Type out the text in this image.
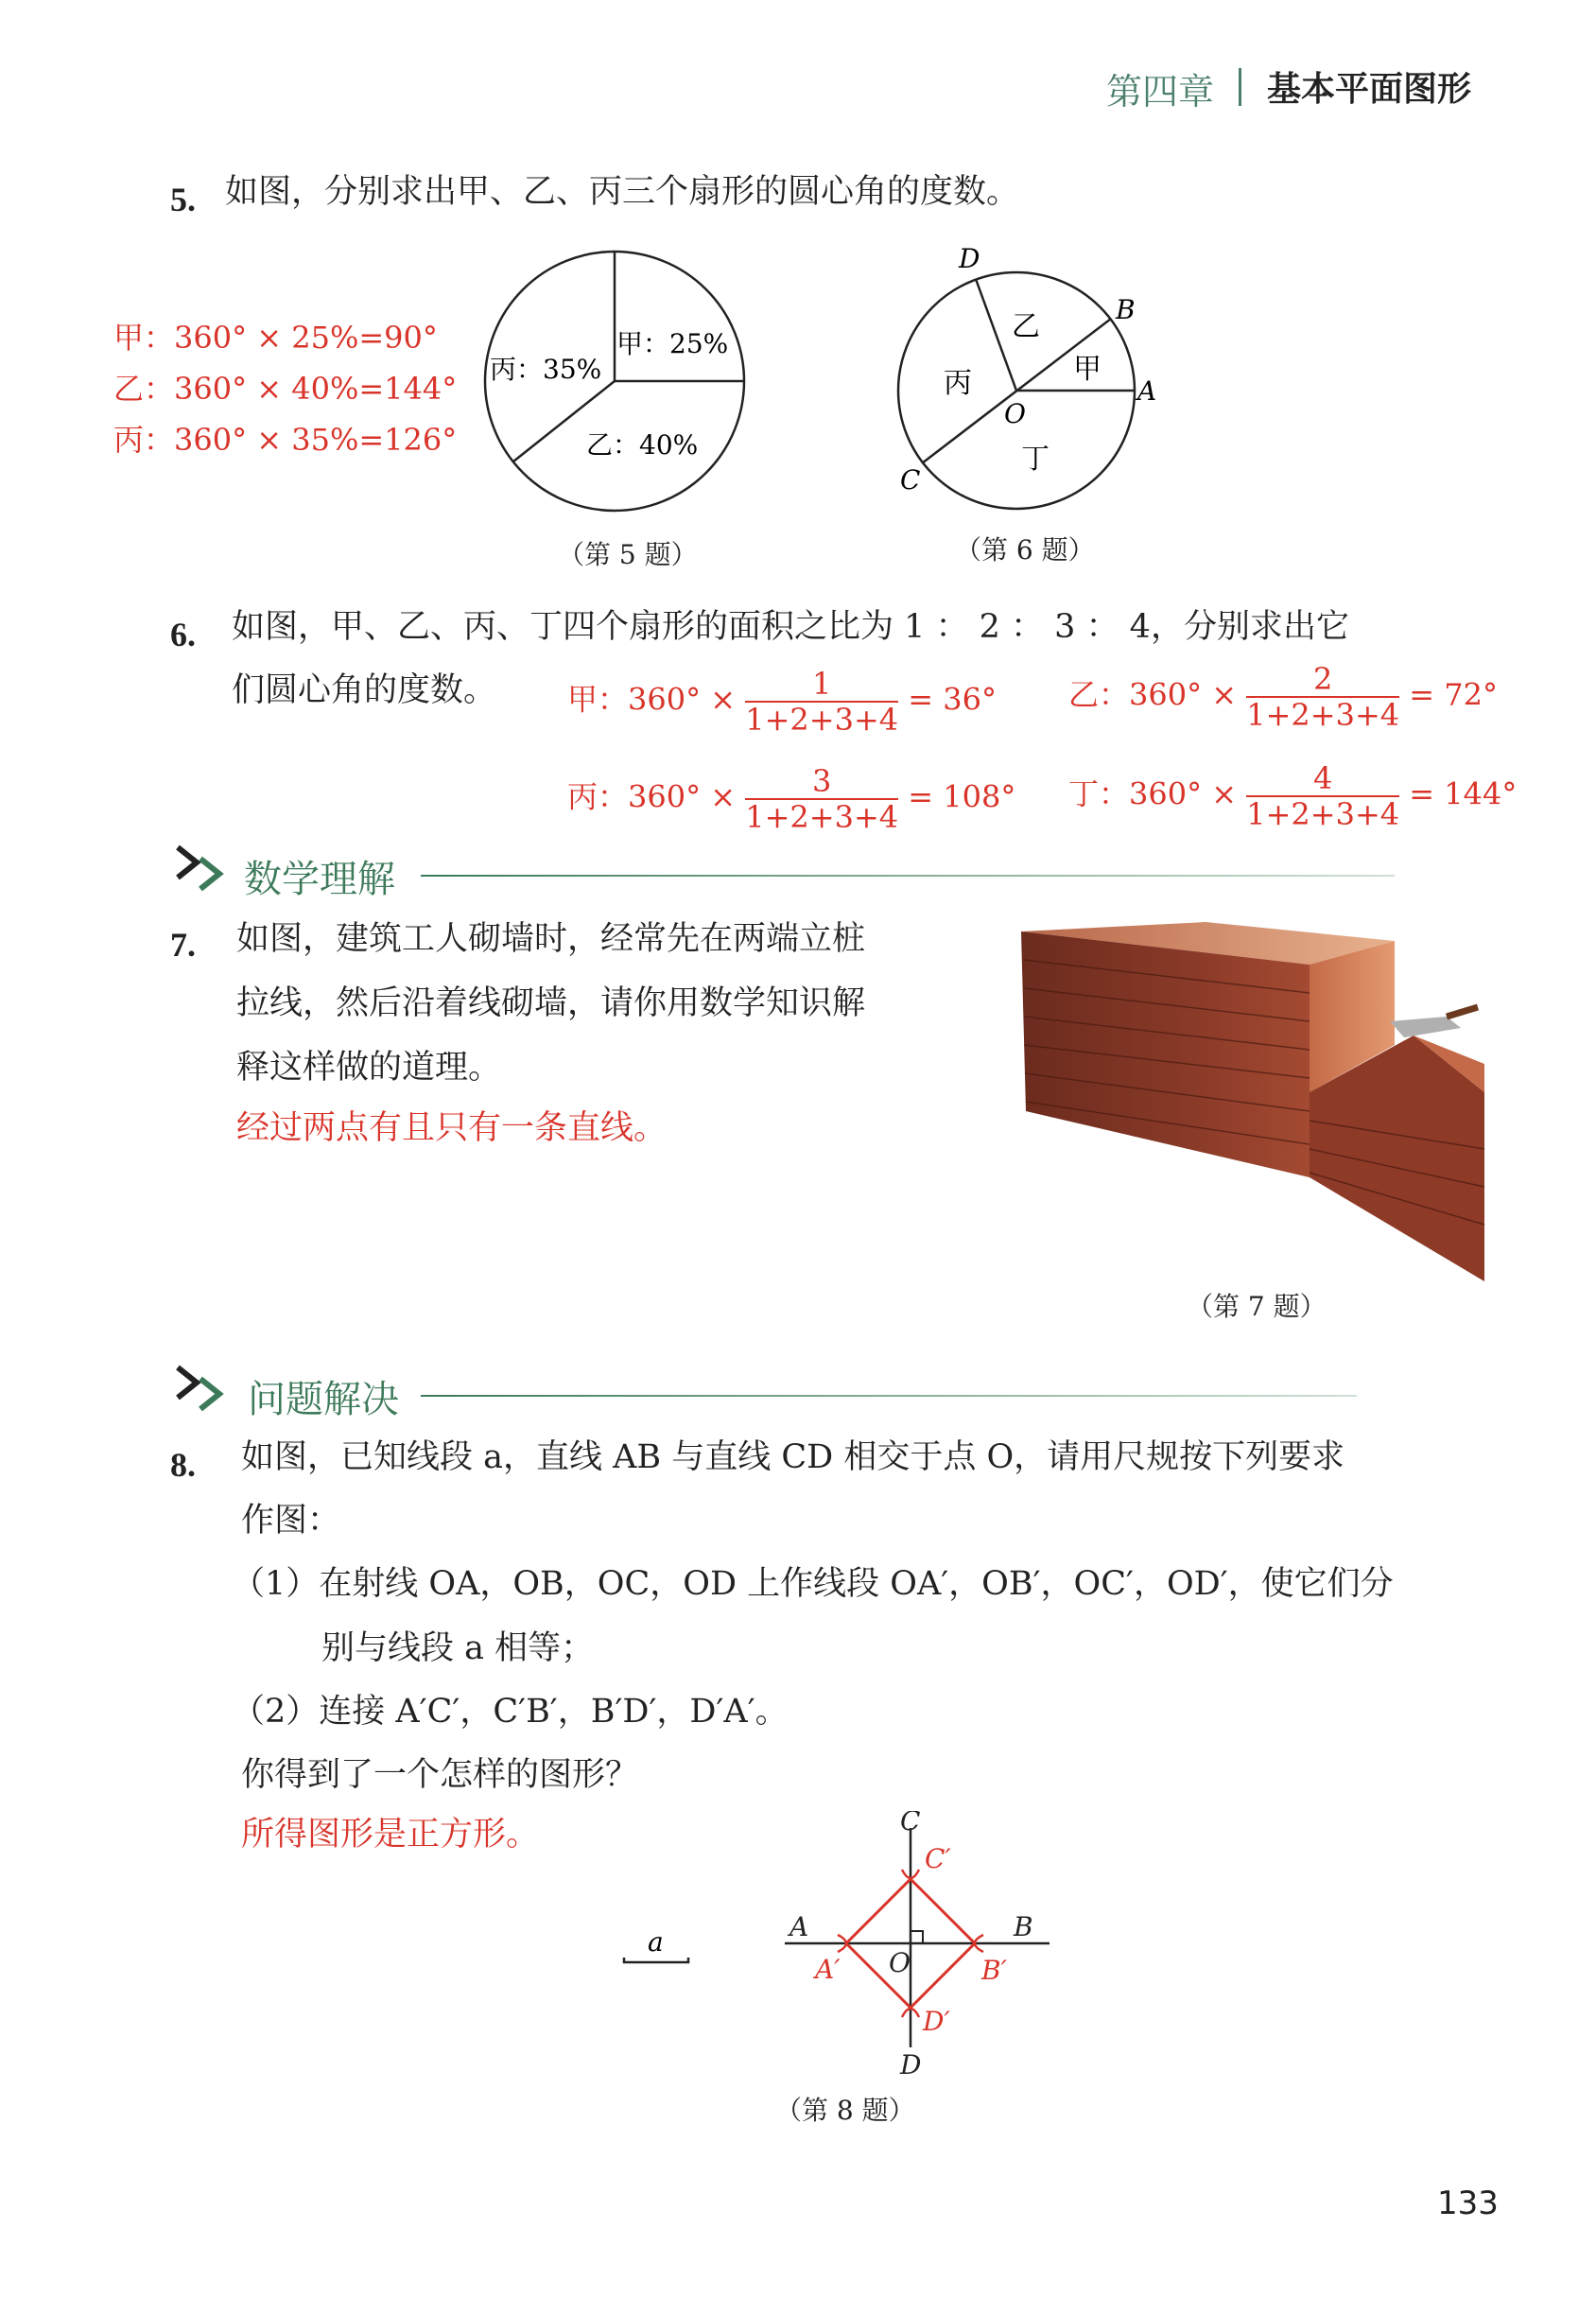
第四章 基本平面图形
5. 如图，分别求出甲、乙、丙三个扇形的圆心角的度数。
甲：360° × 25%=90°
乙：360° × 40%=144°
丙：360° × 35%=126°
甲：25%
丙：35%
乙：40%
（第 5 题）
D
B
A
O
C
乙
甲
丙
丁
（第 6 题）
6. 如图，甲、乙、丙、丁四个扇形的面积之比为 1 ： 2 ： 3 ： 4，分别求出它
们圆心角的度数。 甲：$360^\circ \times \frac{1}{1+2+3+4} = 36^\circ$ 乙：$360^\circ \times \frac{2}{1+2+3+4} = 72^\circ$
丙：$360^\circ \times \frac{3}{1+2+3+4} = 108^\circ$ 丁：$360^\circ \times \frac{4}{1+2+3+4} = 144^\circ$
数学理解
7. 如图，建筑工人砌墙时，经常先在两端立桩
拉线，然后沿着线砌墙，请你用数学知识解
释这样做的道理。
经过两点有且只有一条直线。
（第 7 题）
问题解决
8. 如图，已知线段 a，直线 AB 与直线 CD 相交于点 O，请用尺规按下列要求
作图：
（1）在射线 OA，OB，OC，OD 上作线段 OA′，OB′，OC′，OD′，使它们分
别与线段 a 相等；
（2）连接 A′C′，C′B′，B′D′，D′A′。
你得到了一个怎样的图形？
所得图形是正方形。
a
C
A	B
O
D
C′
A′	B′
D′
（第 8 题）
133
